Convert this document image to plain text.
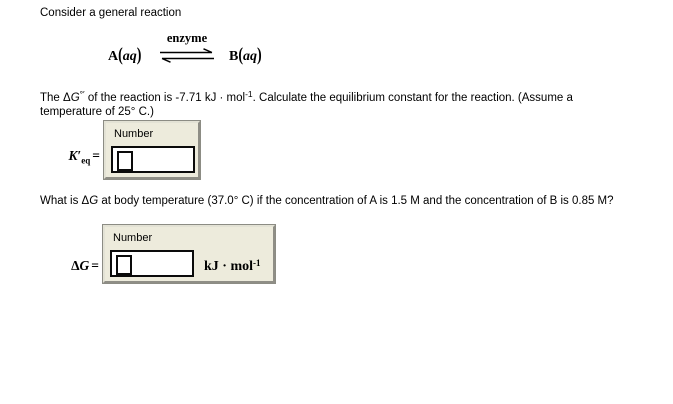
Consider a general reaction
A(aq)
enzyme
B(aq)
The ΔG°′ of the reaction is -7.71 kJ · mol$^{-1}$. Calculate the equilibrium constant for the reaction. (Assume a
temperature of 25° C.)
$K'_{eq}$ =
Number
What is ΔG at body temperature (37.0° C) if the concentration of A is 1.5 M and the concentration of B is 0.85 M?
ΔG =
Number
kJ · mol$^{-1}$
